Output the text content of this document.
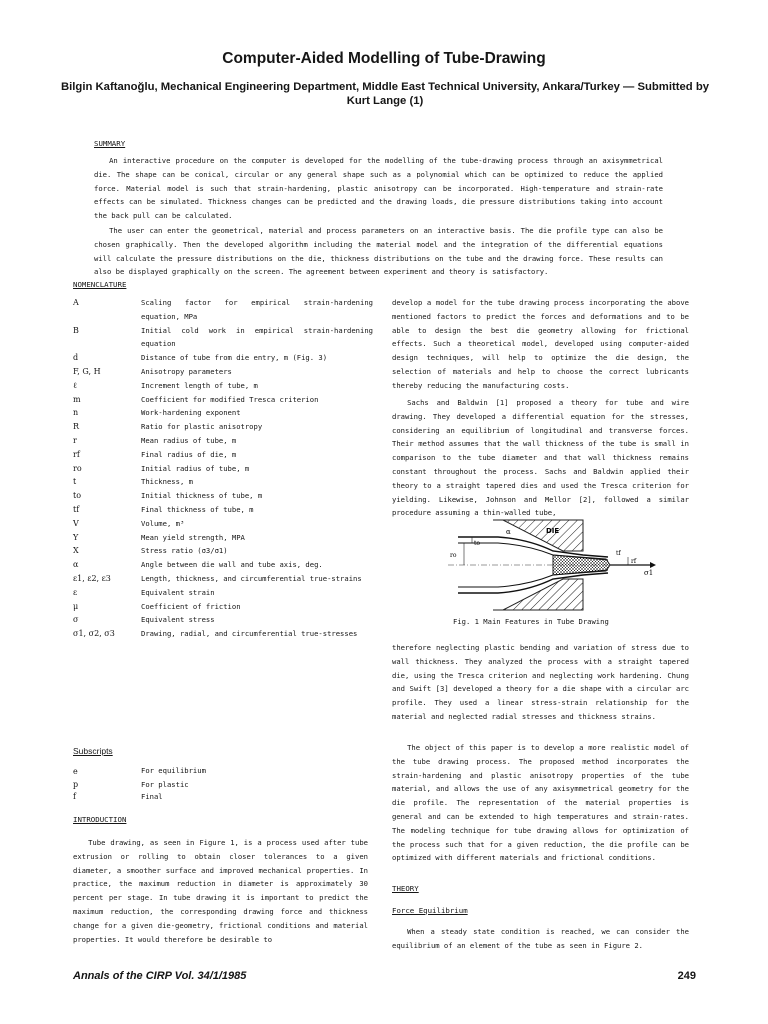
Computer-Aided Modelling of Tube-Drawing

Bilgin Kaftanoğlu, Mechanical Engineering Department, Middle East Technical University, Ankara/Turkey — Submitted by Kurt Lange (1)

SUMMARY

An interactive procedure on the computer is developed for the modelling of the tube-drawing process through an axisymmetrical die. The shape can be conical, circular or any general shape such as a polynomial which can be optimized to reduce the applied force. Material model is such that strain-hardening, plastic anisotropy can be incorporated. High-temperature and strain-rate effects can be simulated. Thickness changes can be predicted and the drawing loads, die pressure distributions taking into account the back pull can be calculated.

The user can enter the geometrical, material and process parameters on an interactive basis. The die profile type can also be chosen graphically. Then the developed algorithm including the material model and the integration of the differential equations will calculate the pressure distributions on the die, thickness distributions on the tube and the drawing force. These results can also be displayed graphically on the screen. The agreement between experiment and theory is satisfactory.

NOMENCLATURE

A	Scaling factor for empirical strain-hardening equation, MPa
B	Initial cold work in empirical strain-hardening equation
d	Distance of tube from die entry, m (Fig. 3)
F, G, H	Anisotropy parameters
ℓ	Increment length of tube, m
m	Coefficient for modified Tresca criterion
n	Work-hardening exponent
R	Ratio for plastic anisotropy
r	Mean radius of tube, m
rf	Final radius of die, m
ro	Initial radius of tube, m
t	Thickness, m
to	Initial thickness of tube, m
tf	Final thickness of tube, m
V	Volume, m³
Y	Mean yield strength, MPA
X	Stress ratio (σ3/σ1)
α	Angle between die wall and tube axis, deg.
ε1, ε2, ε3	Length, thickness, and circumferential true-strains
ε	Equivalent strain
μ	Coefficient of friction
σ	Equivalent stress
σ1, σ2, σ3	Drawing, radial, and circumferential true-stresses

Subscripts

e	For equilibrium
p	For plastic
f	Final

INTRODUCTION

Tube drawing, as seen in Figure 1, is a process used after tube extrusion or rolling to obtain closer tolerances to a given diameter, a smoother surface and improved mechanical properties. In practice, the maximum reduction in diameter is approximately 30 percent per stage. In tube drawing it is important to predict the maximum reduction, the corresponding drawing force and thickness change for a given die-geometry, frictional conditions and material properties. It would therefore be desirable to

develop a model for the tube drawing process incorporating the above mentioned factors to predict the forces and deformations and to be able to design the best die geometry allowing for frictional effects. Such a theoretical model, developed using computer-aided design techniques, will help to optimize the die design, the selection of materials and help to choose the correct lubricants thereby reducing the manufacturing costs.

Sachs and Baldwin [1] proposed a theory for tube and wire drawing. They developed a differential equation for the stresses, considering an equilibrium of longitudinal and transverse forces. Their method assumes that the wall thickness of the tube is small in comparison to the tube diameter and that wall thickness remains constant throughout the process. Sachs and Baldwin applied their theory to a straight tapered dies and used the Tresca criterion for yielding. Likewise, Johnson and Mellor [2], followed a similar procedure assuming a thin-walled tube,

DIE
α
ro
to
rf
tf
σ1

Fig. 1 Main Features in Tube Drawing

therefore neglecting plastic bending and variation of stress due to wall thickness. They analyzed the process with a straight tapered die, using the Tresca criterion and neglecting work hardening. Chung and Swift [3] developed a theory for a die shape with a circular arc profile. They used a linear stress-strain relationship for the material and neglected radial stresses and thickness strains.

The object of this paper is to develop a more realistic model of the tube drawing process. The proposed method incorporates the strain-hardening and plastic anisotropy properties of the tube material, and allows the use of any axisymmetrical geometry for the die profile. The representation of the material properties is general and can be extended to high temperatures and strain-rates. The modeling technique for tube drawing allows for optimization of the process such that for a given reduction, the die profile can be optimized with different materials and frictional conditions.

THEORY

Force Equilibrium

When a steady state condition is reached, we can consider the equilibrium of an element of the tube as seen in Figure 2.

Annals of the CIRP Vol. 34/1/1985	249
